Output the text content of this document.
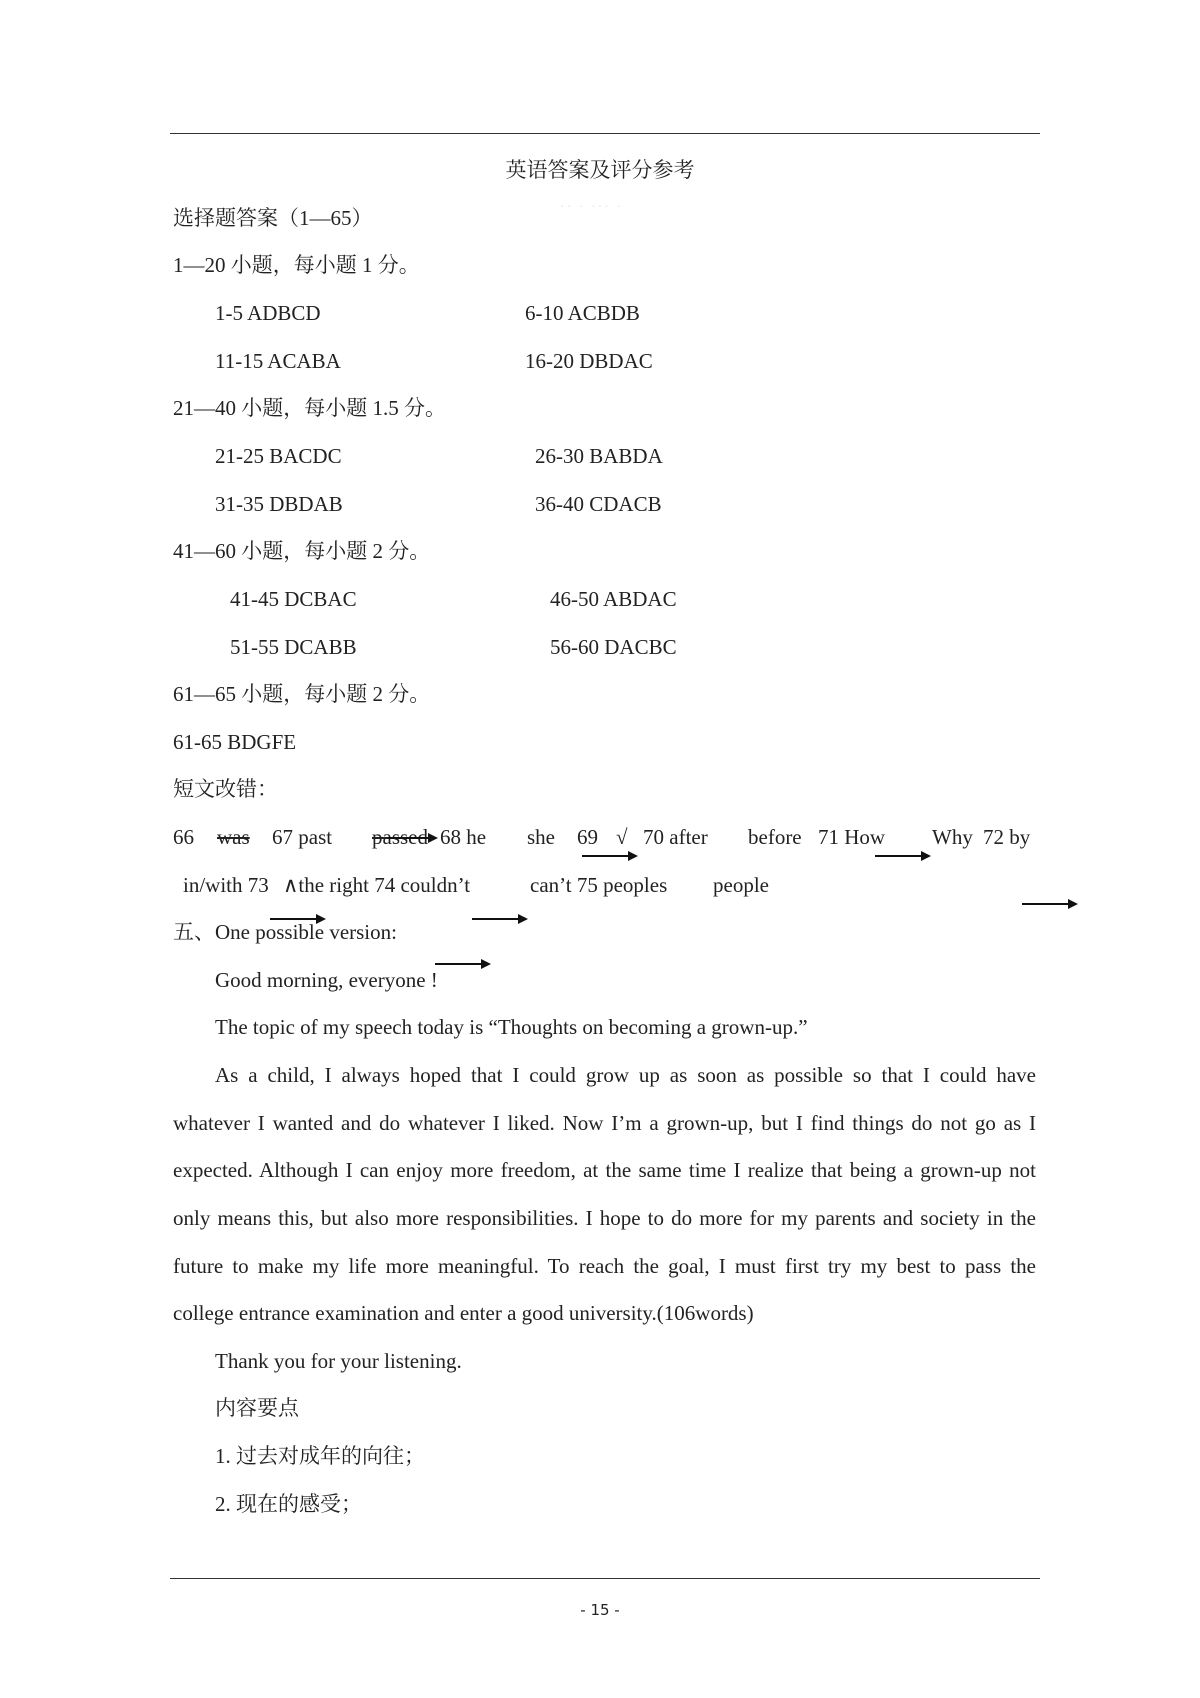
英语答案及评分参考
·· · ··· ·
选择题答案（1—65）
1—20 小题，每小题 1 分。
1-5 ADBCD	6-10 ACBDB
11-15 ACABA	16-20 DBDAC
21—40 小题，每小题 1.5 分。
21-25 BACDC	26-30 BABDA
31-35 DBDAB	36-40 CDACB
41—60 小题，每小题 2 分。
41-45 DCBAC	46-50 ABDAC
51-55 DCABB	56-60 DACBC
61—65 小题，每小题 2 分。
61-65 BDGFE
短文改错：
66 was 67 past passed 68 he she 69 √ 70 after before 71 How Why 72 by
in/with 73 ∧the right 74 couldn’t	can’t 75 peoples people
五、One possible version:
Good morning, everyone !
The topic of my speech today is “Thoughts on becoming a grown-up.”
As a child, I always hoped that I could grow up as soon as possible so that I could have
whatever I wanted and do whatever I liked. Now I’m a grown-up, but I find things do not go as I
expected. Although I can enjoy more freedom, at the same time I realize that being a grown-up not
only means this, but also more responsibilities. I hope to do more for my parents and society in the
future to make my life more meaningful. To reach the goal, I must first try my best to pass the
college entrance examination and enter a good university.(106words)
Thank you for your listening.
内容要点
1. 过去对成年的向往；
2. 现在的感受；
- 15 -
